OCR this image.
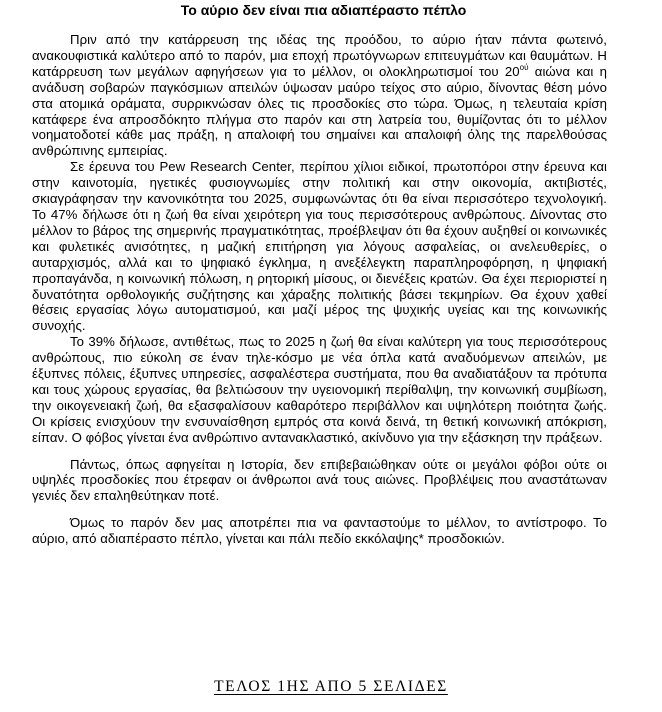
Το αύριο δεν είναι πια αδιαπέραστο πέπλο

Πριν από την κατάρρευση της ιδέας της προόδου, το αύριο ήταν πάντα φωτεινό, ανακουφιστικά καλύτερο από το παρόν, μια εποχή πρωτόγνωρων επιτευγμάτων και θαυμάτων. Η κατάρρευση των μεγάλων αφηγήσεων για το μέλλον, οι ολοκληρωτισμοί του $20^{oύ}$ αιώνα και η ανάδυση σοβαρών παγκόσμιων απειλών ύψωσαν μαύρο τείχος στο αύριο, δίνοντας θέση μόνο στα ατομικά οράματα, συρρικνώσαν όλες τις προσδοκίες στο τώρα. Όμως, η τελευταία κρίση κατάφερε ένα απροσδόκητο πλήγμα στο παρόν και στη λατρεία του, θυμίζοντας ότι το μέλλον νοηματοδοτεί κάθε μας πράξη, η απαλοιφή του σημαίνει και απαλοιφή όλης της παρελθούσας ανθρώπινης εμπειρίας.

Σε έρευνα του Pew Research Center, περίπου χίλιοι ειδικοί, πρωτοπόροι στην έρευνα και στην καινοτομία, ηγετικές φυσιογνωμίες στην πολιτική και στην οικονομία, ακτιβιστές, σκιαγράφησαν την κανονικότητα του 2025, συμφωνώντας ότι θα είναι περισσότερο τεχνολογική. Το 47% δήλωσε ότι η ζωή θα είναι χειρότερη για τους περισσότερους ανθρώπους. Δίνοντας στο μέλλον το βάρος της σημερινής πραγματικότητας, προέβλεψαν ότι θα έχουν αυξηθεί οι κοινωνικές και φυλετικές ανισότητες, η μαζική επιτήρηση για λόγους ασφαλείας, οι ανελευθερίες, ο αυταρχισμός, αλλά και το ψηφιακό έγκλημα, η ανεξέλεγκτη παραπληροφόρηση, η ψηφιακή προπαγάνδα, η κοινωνική πόλωση, η ρητορική μίσους, οι διενέξεις κρατών. Θα έχει περιοριστεί η δυνατότητα ορθολογικής συζήτησης και χάραξης πολιτικής βάσει τεκμηρίων. Θα έχουν χαθεί θέσεις εργασίας λόγω αυτοματισμού, και μαζί μέρος της ψυχικής υγείας και της κοινωνικής συνοχής.

Το 39% δήλωσε, αντιθέτως, πως το 2025 η ζωή θα είναι καλύτερη για τους περισσότερους ανθρώπους, πιο εύκολη σε έναν τηλε-κόσμο με νέα όπλα κατά αναδυόμενων απειλών, με έξυπνες πόλεις, έξυπνες υπηρεσίες, ασφαλέστερα συστήματα, που θα αναδιατάξουν τα πρότυπα και τους χώρους εργασίας, θα βελτιώσουν την υγειονομική περίθαλψη, την κοινωνική συμβίωση, την οικογενειακή ζωή, θα εξασφαλίσουν καθαρότερο περιβάλλον και υψηλότερη ποιότητα ζωής. Οι κρίσεις ενισχύουν την ενσυναίσθηση εμπρός στα κοινά δεινά, τη θετική κοινωνική απόκριση, είπαν. Ο φόβος γίνεται ένα ανθρώπινο αντανακλαστικό, ακίνδυνο για την εξάσκηση την πράξεων.

Πάντως, όπως αφηγείται η Ιστορία, δεν επιβεβαιώθηκαν ούτε οι μεγάλοι φόβοι ούτε οι υψηλές προσδοκίες που έτρεφαν οι άνθρωποι ανά τους αιώνες. Προβλέψεις που αναστάτωναν γενιές δεν επαληθεύτηκαν ποτέ.

Όμως το παρόν δεν μας αποτρέπει πια να φανταστούμε το μέλλον, το αντίστροφο. Το αύριο, από αδιαπέραστο πέπλο, γίνεται και πάλι πεδίο εκκόλαψης* προσδοκιών.

ΤΕΛΟΣ 1ΗΣ ΑΠΟ 5 ΣΕΛΙΔΕΣ
